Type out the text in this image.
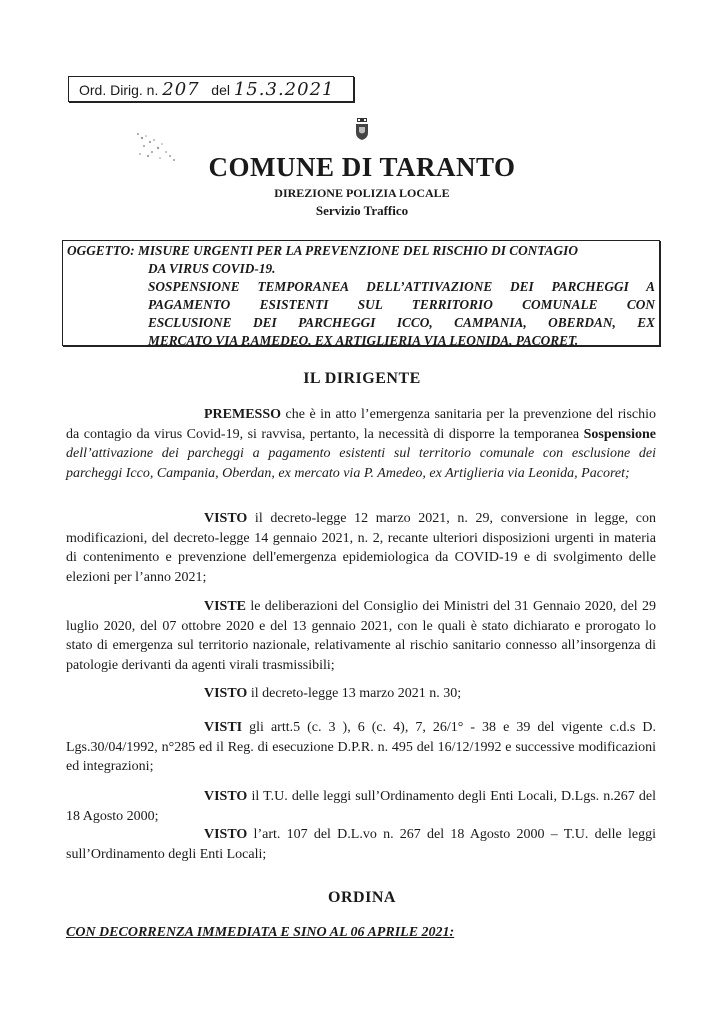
Ord. Dirig. n. 207 del 15.3.2021
COMUNE DI TARANTO
DIREZIONE POLIZIA LOCALE
Servizio Traffico
OGGETTO: MISURE URGENTI PER LA PREVENZIONE DEL RISCHIO DI CONTAGIO
DA VIRUS COVID-19.
SOSPENSIONE TEMPORANEA DELL’ATTIVAZIONE DEI PARCHEGGI A
PAGAMENTO ESISTENTI SUL TERRITORIO COMUNALE CON
ESCLUSIONE DEI PARCHEGGI ICCO, CAMPANIA, OBERDAN, EX
MERCATO VIA P.AMEDEO, EX ARTIGLIERIA VIA LEONIDA, PACORET.
IL DIRIGENTE
PREMESSO che è in atto l’emergenza sanitaria per la prevenzione del rischio da contagio da virus Covid-19, si ravvisa, pertanto, la necessità di disporre la temporanea Sospensione dell’attivazione dei parcheggi a pagamento esistenti sul territorio comunale con esclusione dei parcheggi Icco, Campania, Oberdan, ex mercato via P. Amedeo, ex Artiglieria via Leonida, Pacoret;
VISTO il decreto-legge 12 marzo 2021, n. 29, conversione in legge, con modificazioni, del decreto-legge 14 gennaio 2021, n. 2, recante ulteriori disposizioni urgenti in materia di contenimento e prevenzione dell'emergenza epidemiologica da COVID-19 e di svolgimento delle elezioni per l’anno 2021;
VISTE le deliberazioni del Consiglio dei Ministri del 31 Gennaio 2020, del 29 luglio 2020, del 07 ottobre 2020 e del 13 gennaio 2021, con le quali è stato dichiarato e prorogato lo stato di emergenza sul territorio nazionale, relativamente al rischio sanitario connesso all’insorgenza di patologie derivanti da agenti virali trasmissibili;
VISTO il decreto-legge 13 marzo 2021 n. 30;
VISTI gli artt.5 (c. 3 ), 6 (c. 4), 7, 26/1° - 38 e 39 del vigente c.d.s D. Lgs.30/04/1992, n°285 ed il Reg. di esecuzione D.P.R. n. 495 del 16/12/1992 e successive modificazioni ed integrazioni;
VISTO il T.U. delle leggi sull’Ordinamento degli Enti Locali, D.Lgs. n.267 del 18 Agosto 2000;
VISTO l’art. 107 del D.L.vo n. 267 del 18 Agosto 2000 – T.U. delle leggi sull’Ordinamento degli Enti Locali;
ORDINA
CON DECORRENZA IMMEDIATA E SINO AL 06 APRILE 2021:
